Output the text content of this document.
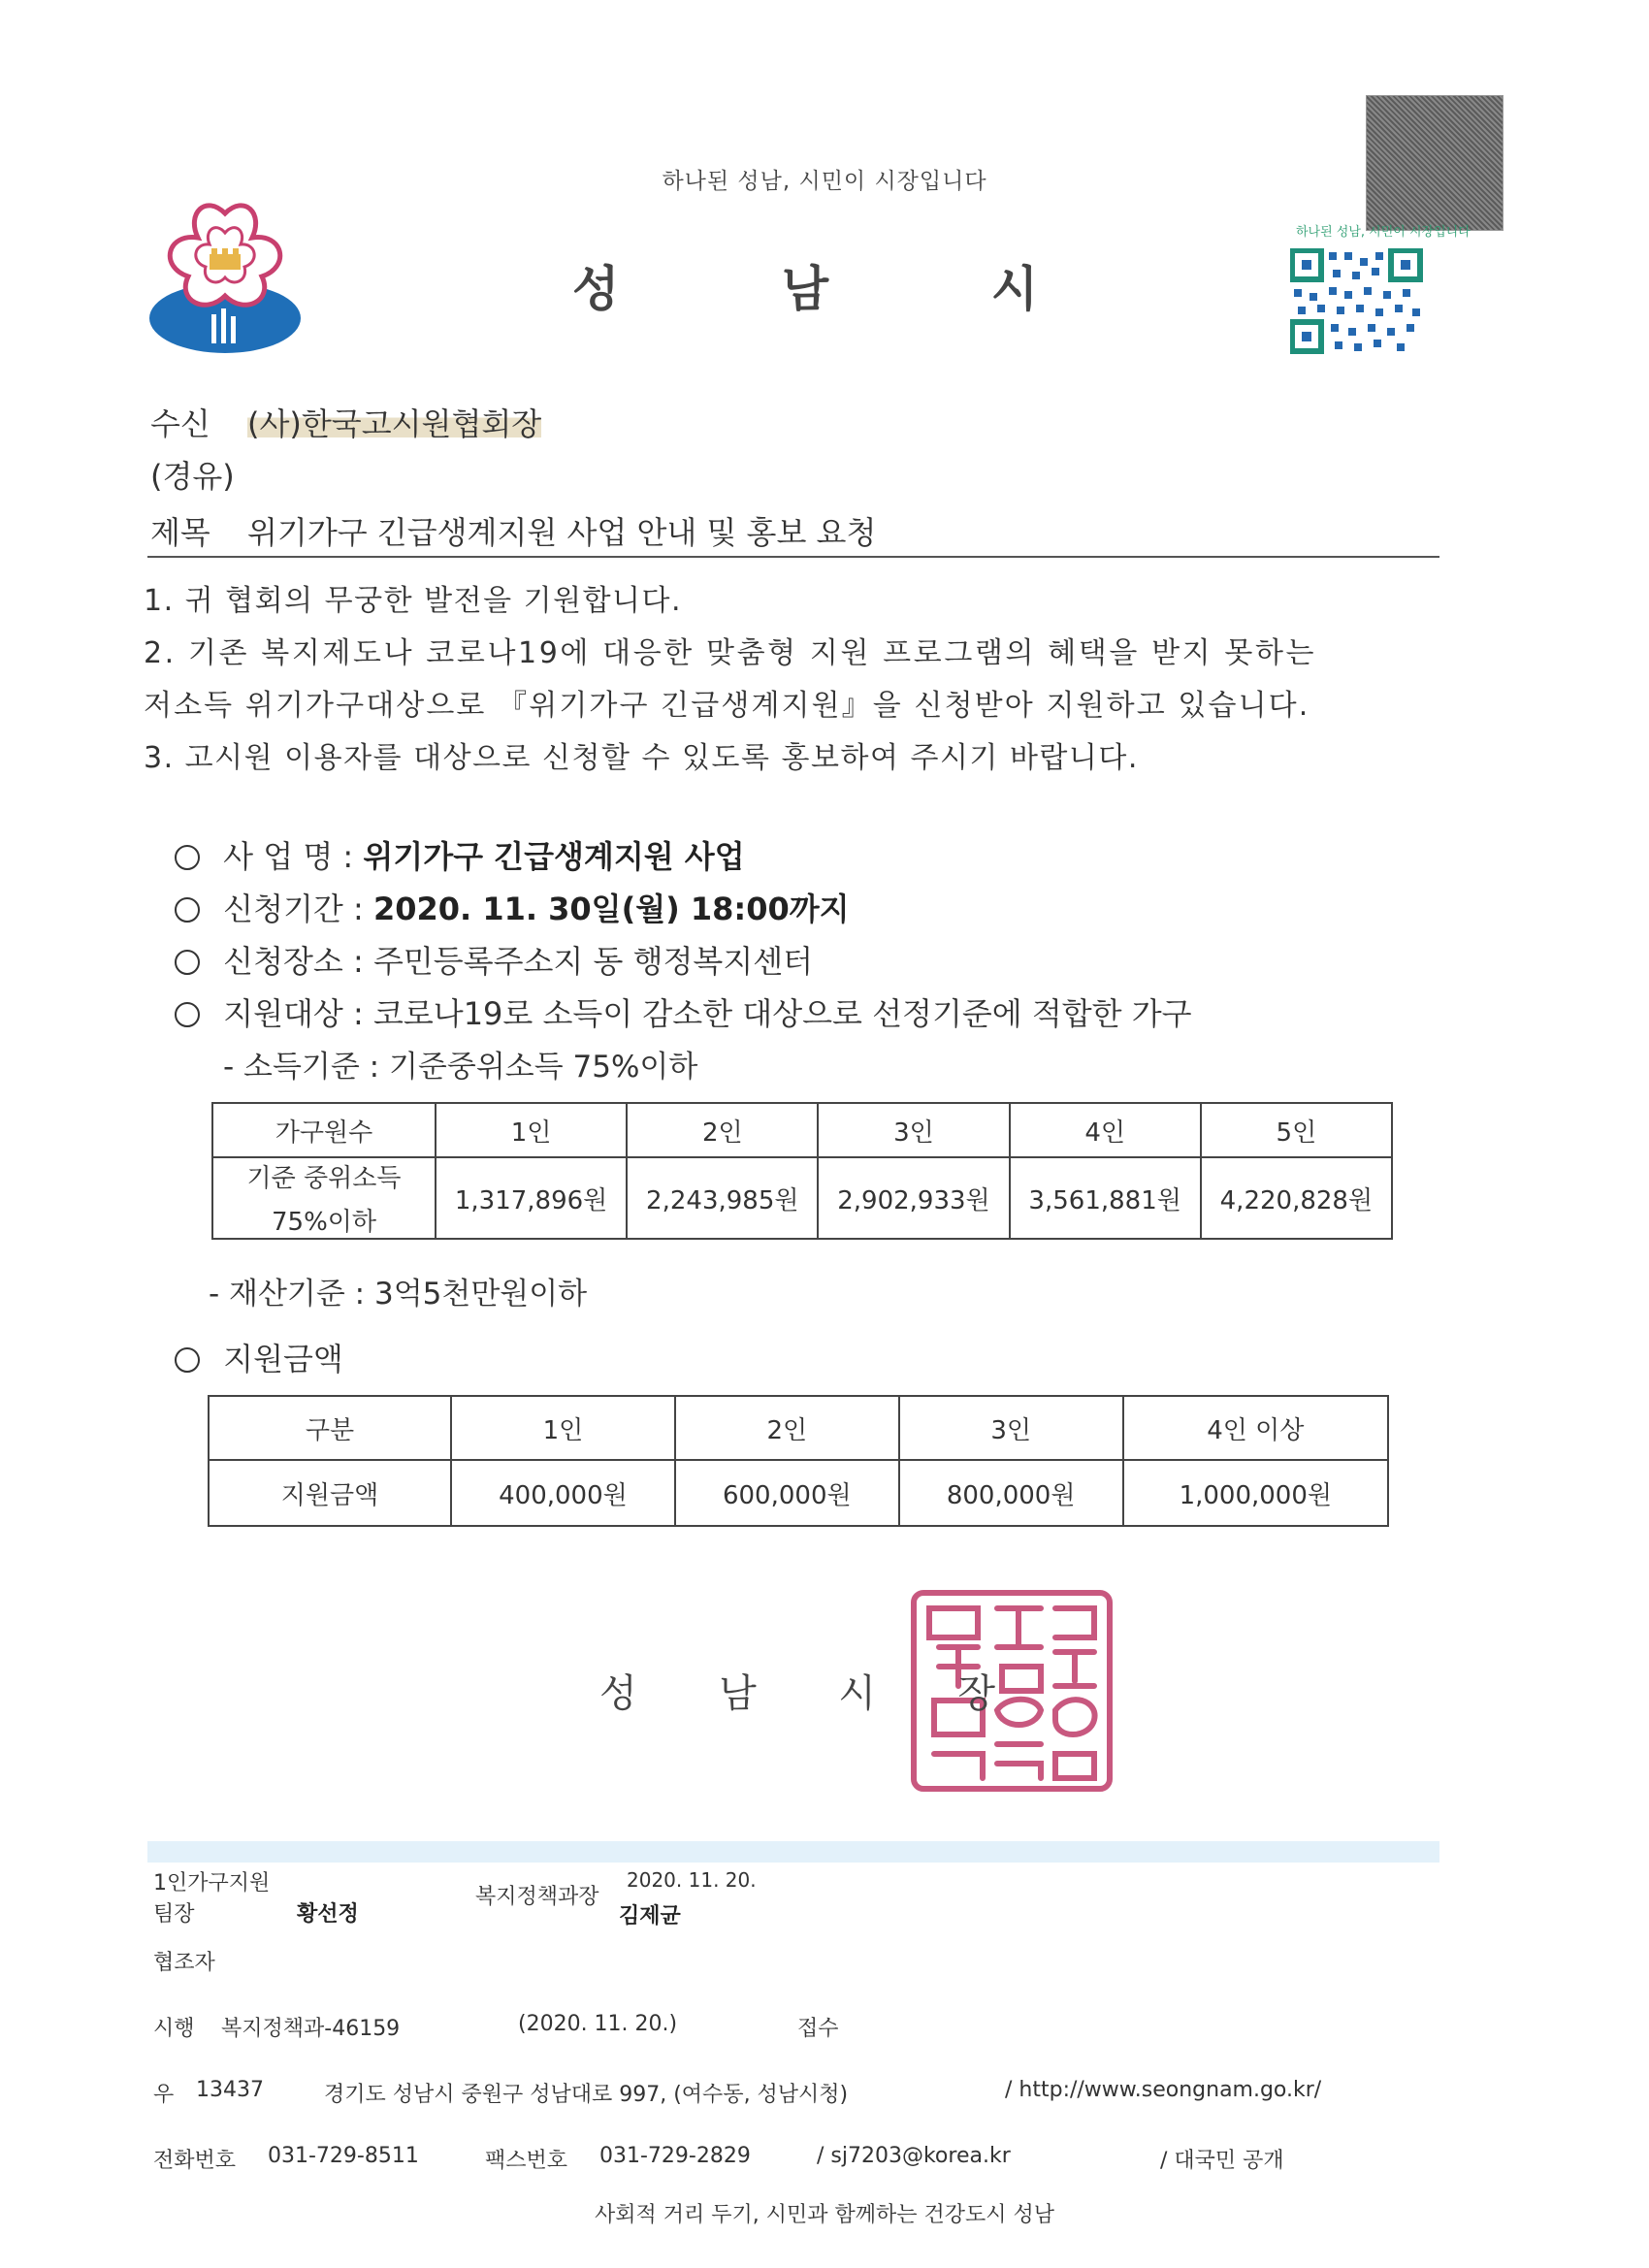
하나된 성남, 시민이 시장입니다
성	남	시
하나된 성남, 시민이 시장입니다
수신 (사)한국고시원협회장
(경유)
제목 위기가구 긴급생계지원 사업 안내 및 홍보 요청
1. 귀 협회의 무궁한 발전을 기원합니다.
2. 기존 복지제도나 코로나19에 대응한 맞춤형 지원 프로그램의 혜택을 받지 못하는
저소득 위기가구대상으로 『위기가구 긴급생계지원』을 신청받아 지원하고 있습니다.
3. 고시원 이용자를 대상으로 신청할 수 있도록 홍보하여 주시기 바랍니다.
사 업 명 : 위기가구 긴급생계지원 사업
신청기간 : 2020. 11. 30일(월) 18:00까지
신청장소 : 주민등록주소지 동 행정복지센터
지원대상 : 코로나19로 소득이 감소한 대상으로 선정기준에 적합한 가구
- 소득기준 : 기준중위소득 75%이하
가구원수	1인	2인	3인	4인	5인

기준 중위소득
75%이하	1,317,896원	2,243,985원	2,902,933원	3,561,881원	4,220,828원
- 재산기준 : 3억5천만원이하
지원금액
구분	1인	2인	3인	4인 이상
지원금액	400,000원	600,000원	800,000원	1,000,000원
성 남 시 장
1인가구지원
팀장	황선정
복지정책과장
2020. 11. 20.
김제균
협조자
시행 복지정책과-46159	(2020. 11. 20.)	접수
우 13437	경기도 성남시 중원구 성남대로 997, (여수동, 성남시청)	/ http://www.seongnam.go.kr/
전화번호 031-729-8511	팩스번호 031-729-2829	/ sj7203@korea.kr	/ 대국민 공개
사회적 거리 두기, 시민과 함께하는 건강도시 성남
